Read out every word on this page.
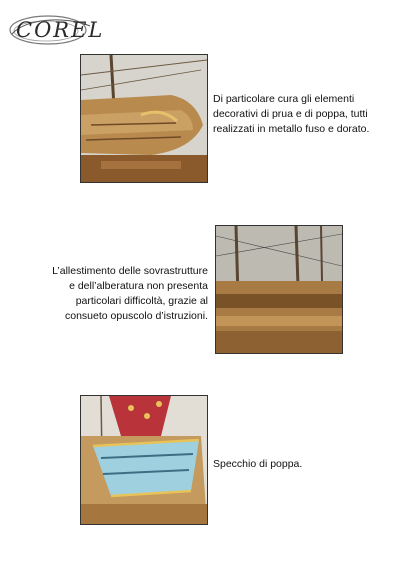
COREL
Di particolare cura gli elementi
decorativi di prua e di poppa, tutti
realizzati in metallo fuso e dorato.
L’allestimento delle sovrastrutture
e dell’alberatura non presenta
particolari difficoltà, grazie al
consueto opuscolo d’istruzioni.
Specchio di poppa.
